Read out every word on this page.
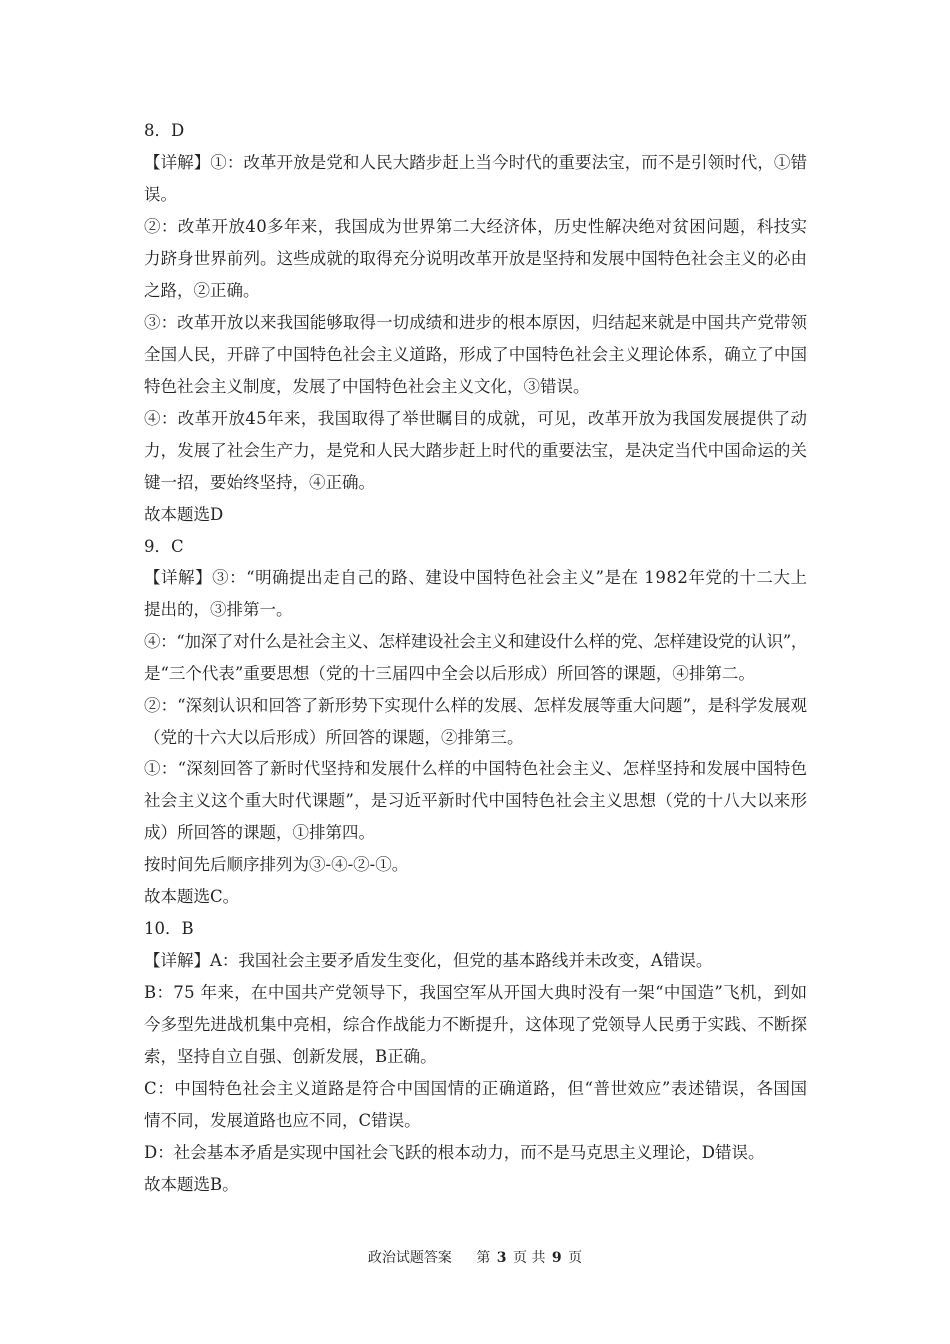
8．D
【详解】①：改革开放是党和人民大踏步赶上当今时代的重要法宝，而不是引领时代，①错
误。
②：改革开放40多年来，我国成为世界第二大经济体，历史性解决绝对贫困问题，科技实
力跻身世界前列。这些成就的取得充分说明改革开放是坚持和发展中国特色社会主义的必由
之路，②正确。
③：改革开放以来我国能够取得一切成绩和进步的根本原因，归结起来就是中国共产党带领
全国人民，开辟了中国特色社会主义道路，形成了中国特色社会主义理论体系，确立了中国
特色社会主义制度，发展了中国特色社会主义文化，③错误。
④：改革开放45年来，我国取得了举世瞩目的成就，可见，改革开放为我国发展提供了动
力，发展了社会生产力，是党和人民大踏步赶上时代的重要法宝，是决定当代中国命运的关
键一招，要始终坚持，④正确。
故本题选D
9．C
【详解】③：“明确提出走自己的路、建设中国特色社会主义”是在 1982年党的十二大上
提出的，③排第一。
④：“加深了对什么是社会主义、怎样建设社会主义和建设什么样的党、怎样建设党的认识”，
是“三个代表”重要思想（党的十三届四中全会以后形成）所回答的课题，④排第二。
②：“深刻认识和回答了新形势下实现什么样的发展、怎样发展等重大问题”，是科学发展观
（党的十六大以后形成）所回答的课题，②排第三。
①：“深刻回答了新时代坚持和发展什么样的中国特色社会主义、怎样坚持和发展中国特色
社会主义这个重大时代课题”，是习近平新时代中国特色社会主义思想（党的十八大以来形
成）所回答的课题，①排第四。
按时间先后顺序排列为③-④-②-①。
故本题选C。
10．B
【详解】A：我国社会主要矛盾发生变化，但党的基本路线并未改变，A错误。
B：75 年来，在中国共产党领导下，我国空军从开国大典时没有一架“中国造”飞机，到如
今多型先进战机集中亮相，综合作战能力不断提升，这体现了党领导人民勇于实践、不断探
索，坚持自立自强、创新发展，B正确。
C：中国特色社会主义道路是符合中国国情的正确道路，但“普世效应”表述错误，各国国
情不同，发展道路也应不同，C错误。
D：社会基本矛盾是实现中国社会飞跃的根本动力，而不是马克思主义理论，D错误。
故本题选B。
政治试题答案 第 3 页 共 9 页
